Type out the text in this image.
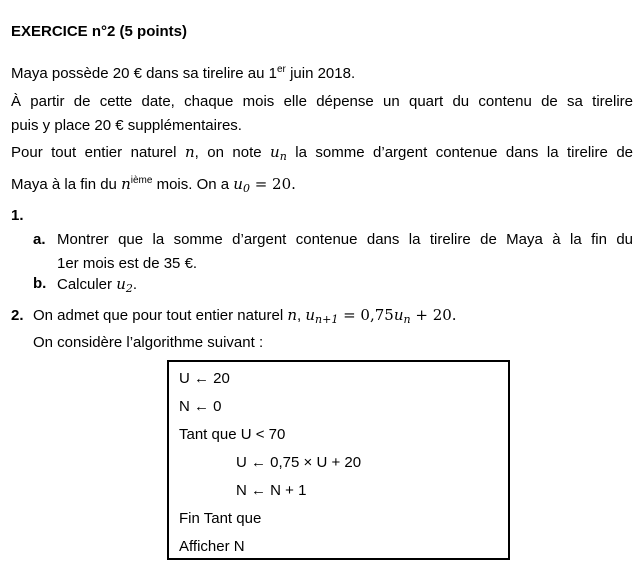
EXERCICE n°2 (5 points)

Maya possède 20 € dans sa tirelire au 1er juin 2018.

À partir de cette date, chaque mois elle dépense un quart du contenu de sa tirelire
puis y place 20 € supplémentaires.
Pour tout entier naturel n, on note $u_n$ la somme d’argent contenue dans la tirelire de
Maya à la fin du $n^{ième}$ mois. On a $u_0 = 20$.
1.
a. Montrer que la somme d’argent contenue dans la tirelire de Maya à la fin du
1er mois est de 35 €.
b. Calculer $u_2$.
2. On admet que pour tout entier naturel n, $u_{n+1} = 0,75u_n + 20$.
On considère l’algorithme suivant :
U ← 20
N ← 0
Tant que U < 70
U ← 0,75 × U + 20
N ← N + 1
Fin Tant que
Afficher N
